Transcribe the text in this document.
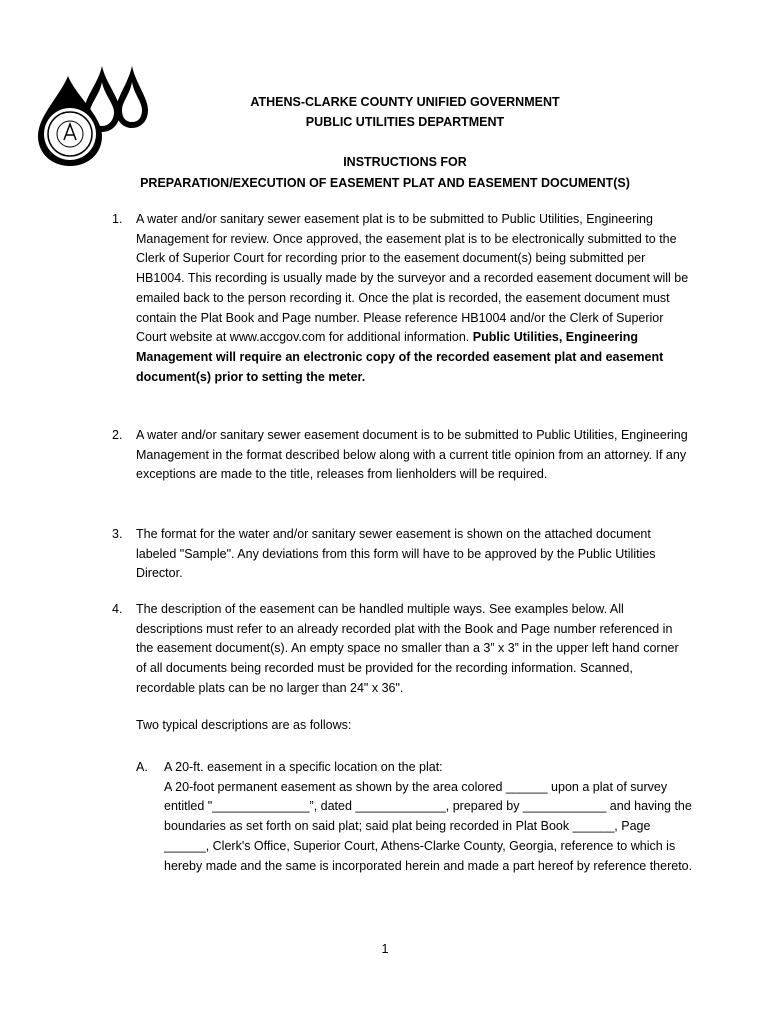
ATHENS-CLARKE COUNTY UNIFIED GOVERNMENT
PUBLIC UTILITIES DEPARTMENT
INSTRUCTIONS FOR
PREPARATION/EXECUTION OF EASEMENT PLAT AND EASEMENT DOCUMENT(S)
1. A water and/or sanitary sewer easement plat is to be submitted to Public Utilities, Engineering Management for review. Once approved, the easement plat is to be electronically submitted to the Clerk of Superior Court for recording prior to the easement document(s) being submitted per HB1004. This recording is usually made by the surveyor and a recorded easement document will be emailed back to the person recording it. Once the plat is recorded, the easement document must contain the Plat Book and Page number. Please reference HB1004 and/or the Clerk of Superior Court website at www.accgov.com for additional information. Public Utilities, Engineering Management will require an electronic copy of the recorded easement plat and easement document(s) prior to setting the meter.
2. A water and/or sanitary sewer easement document is to be submitted to Public Utilities, Engineering Management in the format described below along with a current title opinion from an attorney. If any exceptions are made to the title, releases from lienholders will be required.
3. The format for the water and/or sanitary sewer easement is shown on the attached document labeled "Sample". Any deviations from this form will have to be approved by the Public Utilities Director.
4. The description of the easement can be handled multiple ways. See examples below. All descriptions must refer to an already recorded plat with the Book and Page number referenced in the easement document(s). An empty space no smaller than a 3” x 3” in the upper left hand corner of all documents being recorded must be provided for the recording information. Scanned, recordable plats can be no larger than 24" x 36".
Two typical descriptions are as follows:
A. A 20-ft. easement in a specific location on the plat:
A 20-foot permanent easement as shown by the area colored ______ upon a plat of survey entitled "______________”, dated _____________, prepared by ____________ and having the boundaries as set forth on said plat; said plat being recorded in Plat Book ______, Page ______, Clerk's Office, Superior Court, Athens-Clarke County, Georgia, reference to which is hereby made and the same is incorporated herein and made a part hereof by reference thereto.
1
